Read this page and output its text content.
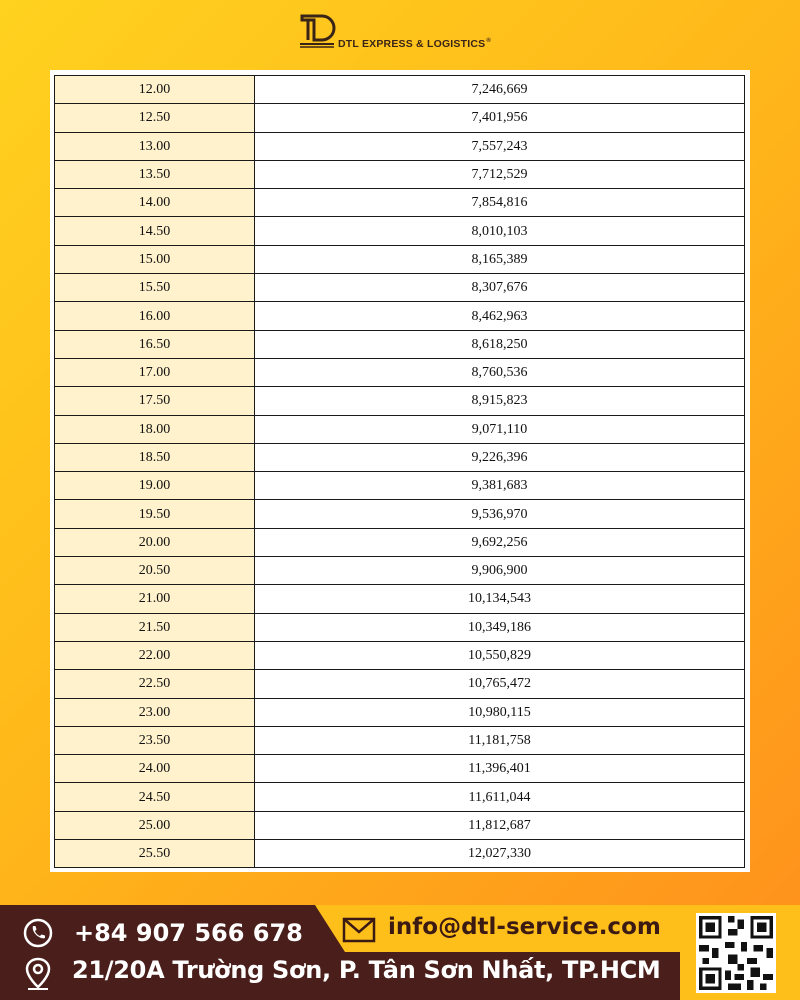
DTL EXPRESS & LOGISTICS®
12.00	7,246,669
12.50	7,401,956
13.00	7,557,243
13.50	7,712,529
14.00	7,854,816
14.50	8,010,103
15.00	8,165,389
15.50	8,307,676
16.00	8,462,963
16.50	8,618,250
17.00	8,760,536
17.50	8,915,823
18.00	9,071,110
18.50	9,226,396
19.00	9,381,683
19.50	9,536,970
20.00	9,692,256
20.50	9,906,900
21.00	10,134,543
21.50	10,349,186
22.00	10,550,829
22.50	10,765,472
23.00	10,980,115
23.50	11,181,758
24.00	11,396,401
24.50	11,611,044
25.00	11,812,687
25.50	12,027,330
+84 907 566 678	info@dtl-service.com
21/20A Trường Sơn, P. Tân Sơn Nhất, TP.HCM
